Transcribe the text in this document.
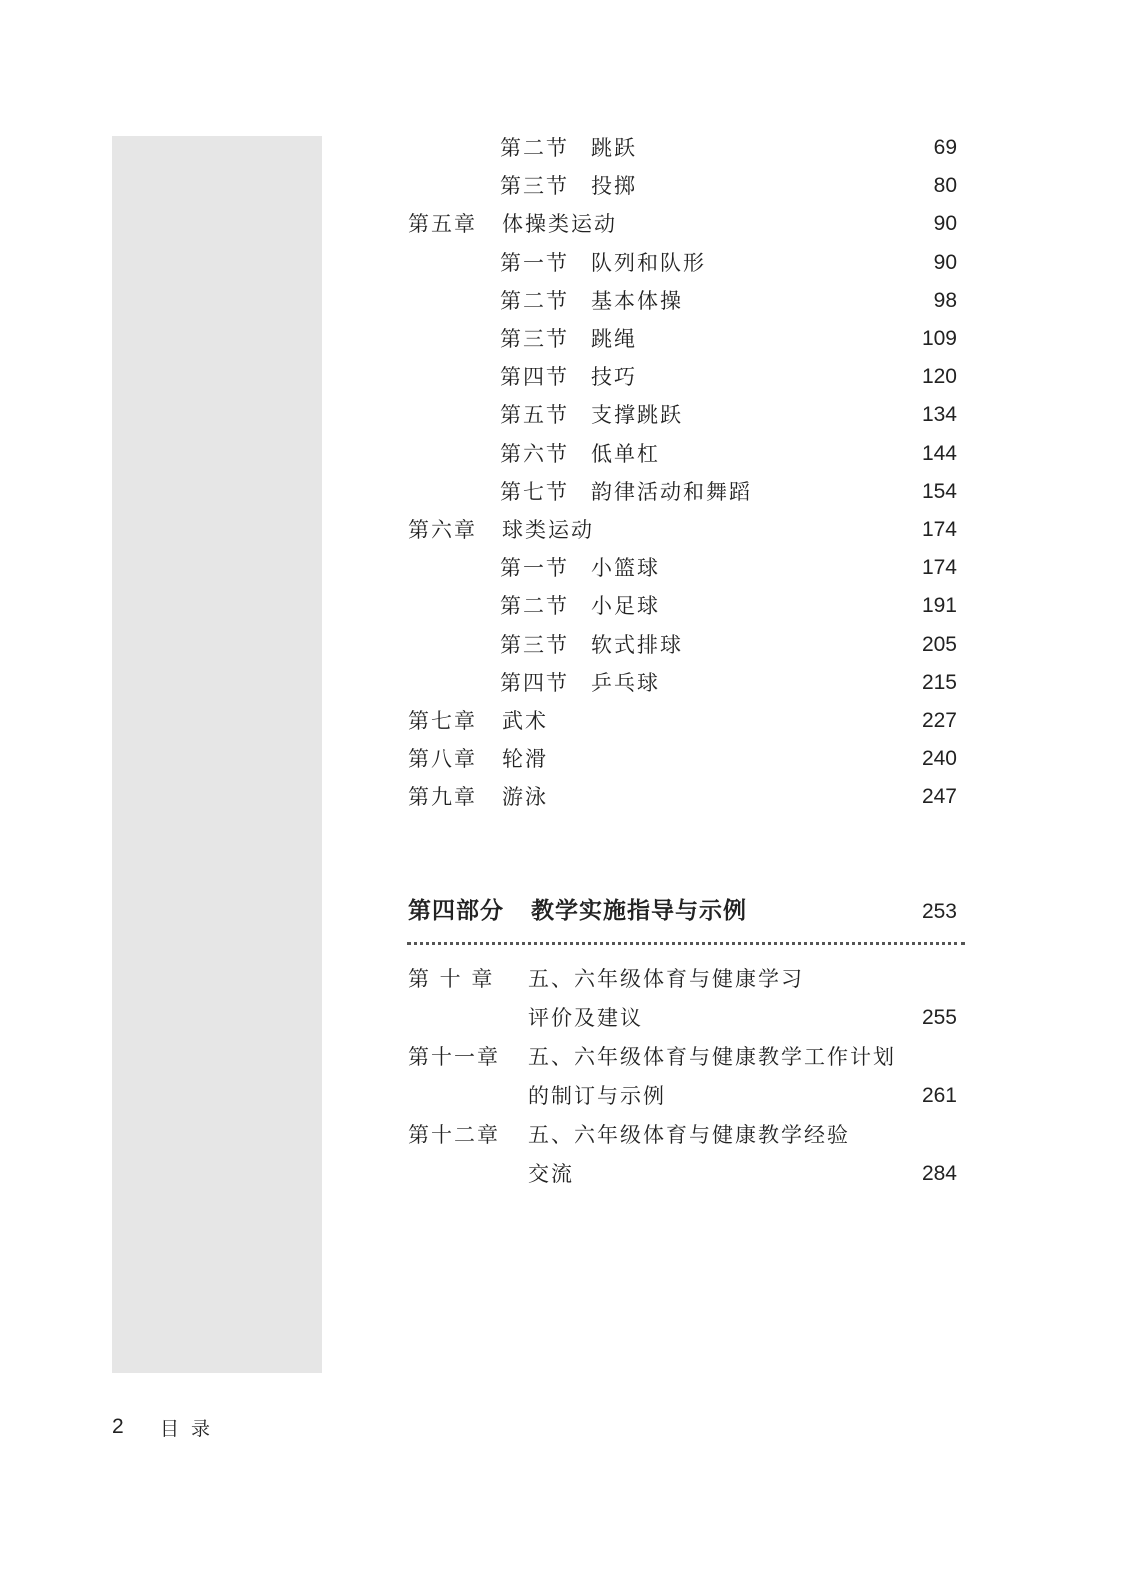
第二节 跳跃	69
第三节 投掷	80
第五章 体操类运动	90
第一节 队列和队形	90
第二节 基本体操	98
第三节 跳绳	109
第四节 技巧	120
第五节 支撑跳跃	134
第六节 低单杠	144
第七节 韵律活动和舞蹈	154
第六章 球类运动	174
第一节 小篮球	174
第二节 小足球	191
第三节 软式排球	205
第四节 乒乓球	215
第七章 武术	227
第八章 轮滑	240
第九章 游泳	247
第四部分 教学实施指导与示例	253
第 十 章 五、六年级体育与健康学习
评价及建议	255
第十一章 五、六年级体育与健康教学工作计划
的制订与示例	261
第十二章 五、六年级体育与健康教学经验
交流	284
2 目录
